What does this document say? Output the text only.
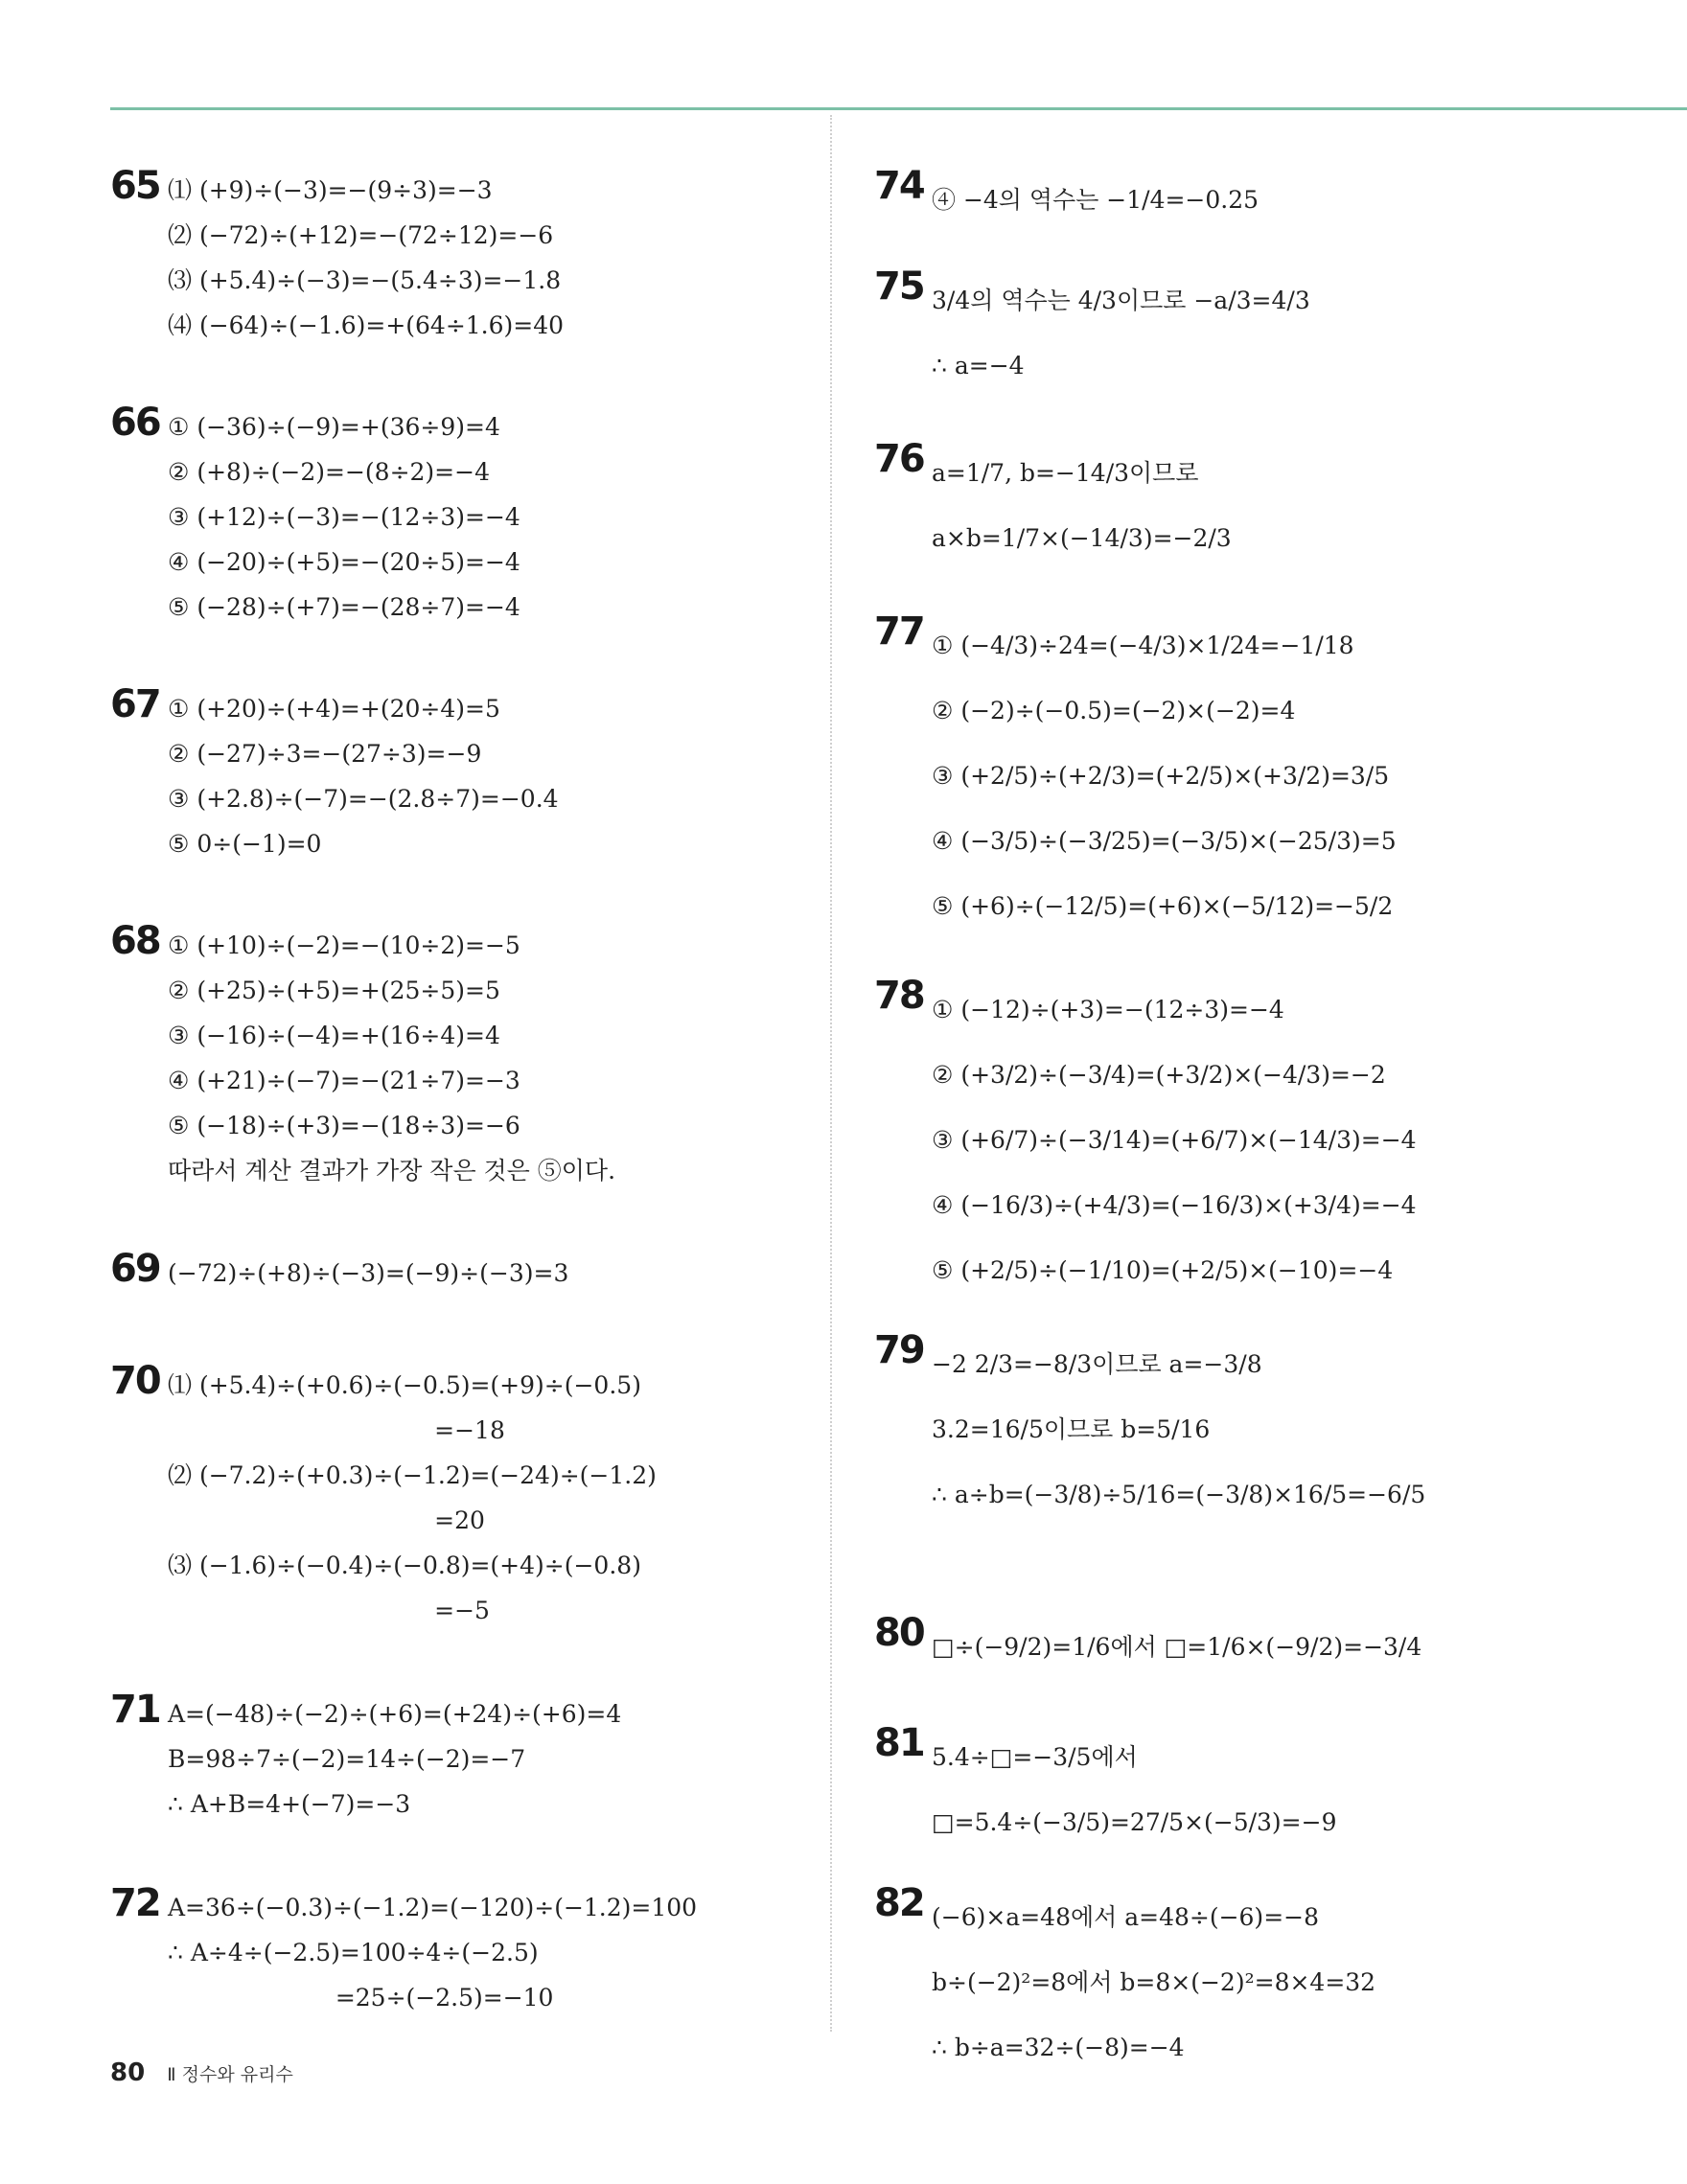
65 ⑴ (+9)÷(−3)=−(9÷3)=−3
⑵ (−72)÷(+12)=−(72÷12)=−6
⑶ (+5.4)÷(−3)=−(5.4÷3)=−1.8
⑷ (−64)÷(−1.6)=+(64÷1.6)=40
66 ① (−36)÷(−9)=+(36÷9)=4
② (+8)÷(−2)=−(8÷2)=−4
③ (+12)÷(−3)=−(12÷3)=−4
④ (−20)÷(+5)=−(20÷5)=−4
⑤ (−28)÷(+7)=−(28÷7)=−4
67 ① (+20)÷(+4)=+(20÷4)=5
② (−27)÷3=−(27÷3)=−9
③ (+2.8)÷(−7)=−(2.8÷7)=−0.4
⑤ 0÷(−1)=0
68 ① (+10)÷(−2)=−(10÷2)=−5
② (+25)÷(+5)=+(25÷5)=5
③ (−16)÷(−4)=+(16÷4)=4
④ (+21)÷(−7)=−(21÷7)=−3
⑤ (−18)÷(+3)=−(18÷3)=−6
따라서 계산 결과가 가장 작은 것은 ⑤이다.
69 (−72)÷(+8)÷(−3)=(−9)÷(−3)=3
70 ⑴ (+5.4)÷(+0.6)÷(−0.5)=(+9)÷(−0.5)
=−18
⑵ (−7.2)÷(+0.3)÷(−1.2)=(−24)÷(−1.2)
=20
⑶ (−1.6)÷(−0.4)÷(−0.8)=(+4)÷(−0.8)
=−5
71 A=(−48)÷(−2)÷(+6)=(+24)÷(+6)=4
B=98÷7÷(−2)=14÷(−2)=−7
∴ A+B=4+(−7)=−3
72 A=36÷(−0.3)÷(−1.2)=(−120)÷(−1.2)=100
∴ A÷4÷(−2.5)=100÷4÷(−2.5)
=25÷(−2.5)=−10
74 ④ −4의 역수는 −1/4=−0.25
75 3/4의 역수는 4/3이므로 −a/3=4/3
∴ a=−4
76 a=1/7, b=−14/3이므로
a×b=1/7×(−14/3)=−2/3
77 ① (−4/3)÷24=(−4/3)×1/24=−1/18
② (−2)÷(−0.5)=(−2)×(−2)=4
③ (+2/5)÷(+2/3)=(+2/5)×(+3/2)=3/5
④ (−3/5)÷(−3/25)=(−3/5)×(−25/3)=5
⑤ (+6)÷(−12/5)=(+6)×(−5/12)=−5/2
78 ① (−12)÷(+3)=−(12÷3)=−4
② (+3/2)÷(−3/4)=(+3/2)×(−4/3)=−2
③ (+6/7)÷(−3/14)=(+6/7)×(−14/3)=−4
④ (−16/3)÷(+4/3)=(−16/3)×(+3/4)=−4
⑤ (+2/5)÷(−1/10)=(+2/5)×(−10)=−4
79 −2 2/3=−8/3이므로 a=−3/8
3.2=16/5이므로 b=5/16
∴ a÷b=(−3/8)÷5/16=(−3/8)×16/5=−6/5
80 □÷(−9/2)=1/6에서 □=1/6×(−9/2)=−3/4
81 5.4÷□=−3/5에서
□=5.4÷(−3/5)=27/5×(−5/3)=−9
82 (−6)×a=48에서 a=48÷(−6)=−8
b÷(−2)²=8에서 b=8×(−2)²=8×4=32
∴ b÷a=32÷(−8)=−4
80 Ⅱ 정수와 유리수
